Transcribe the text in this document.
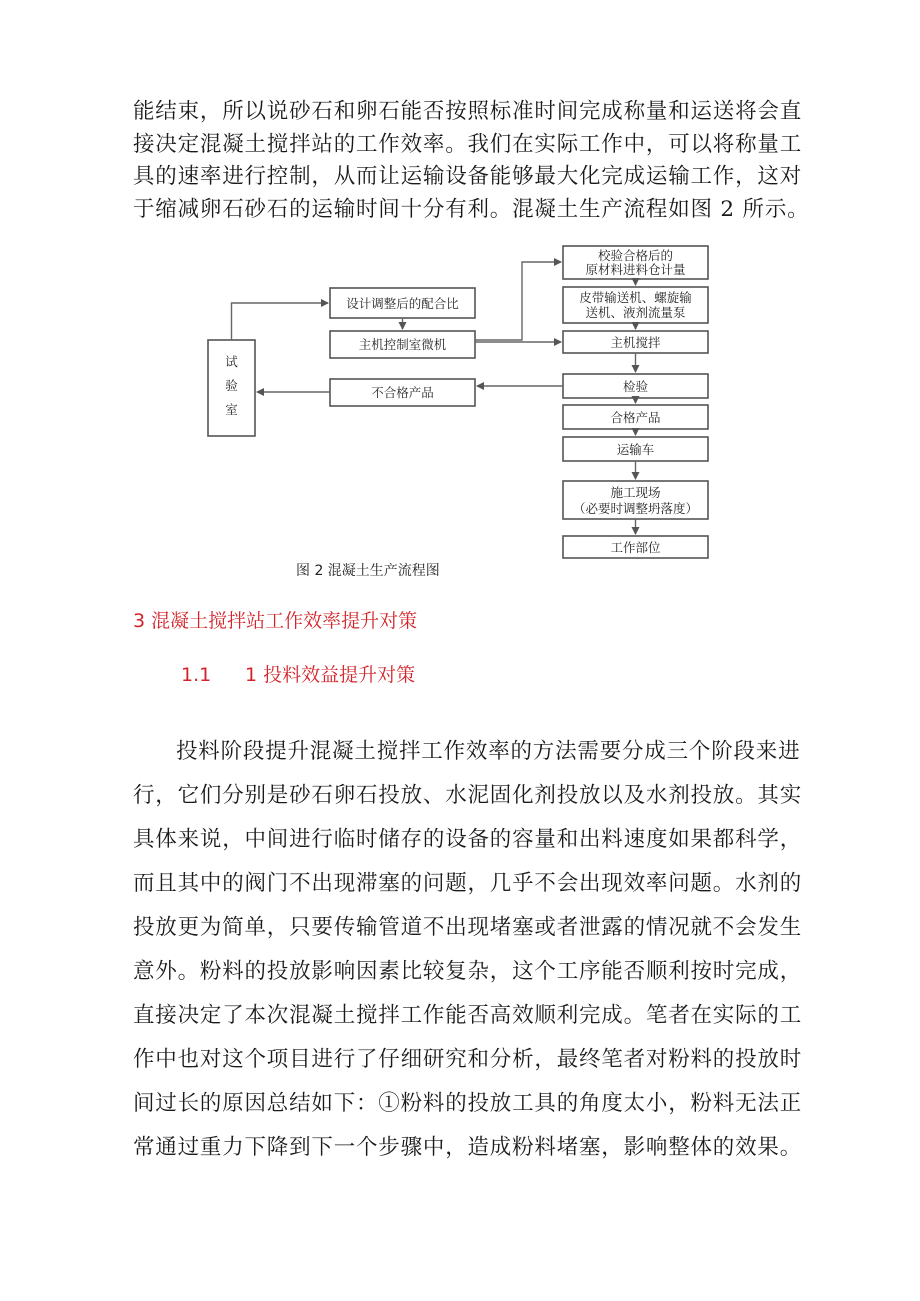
能结束，所以说砂石和卵石能否按照标准时间完成称量和运送将会直
接决定混凝土搅拌站的工作效率。我们在实际工作中，可以将称量工
具的速率进行控制，从而让运输设备能够最大化完成运输工作，这对
于缩减卵石砂石的运输时间十分有利。混凝土生产流程如图 2 所示。
试
验
室
设计调整后的配合比
主机控制室微机
不合格产品
校验合格后的
原材料进料仓计量
皮带输送机、螺旋输
送机、液剂流量泵
主机搅拌
检验
合格产品
运输车
施工现场
（必要时调整坍落度）
工作部位
图 2 混凝土生产流程图
3 混凝土搅拌站工作效率提升对策
1.1 1 投料效益提升对策
投料阶段提升混凝土搅拌工作效率的方法需要分成三个阶段来进
行，它们分别是砂石卵石投放、水泥固化剂投放以及水剂投放。其实
具体来说，中间进行临时储存的设备的容量和出料速度如果都科学，
而且其中的阀门不出现滞塞的问题，几乎不会出现效率问题。水剂的
投放更为简单，只要传输管道不出现堵塞或者泄露的情况就不会发生
意外。粉料的投放影响因素比较复杂，这个工序能否顺利按时完成，
直接决定了本次混凝土搅拌工作能否高效顺利完成。笔者在实际的工
作中也对这个项目进行了仔细研究和分析，最终笔者对粉料的投放时
间过长的原因总结如下：①粉料的投放工具的角度太小，粉料无法正
常通过重力下降到下一个步骤中，造成粉料堵塞，影响整体的效果。
